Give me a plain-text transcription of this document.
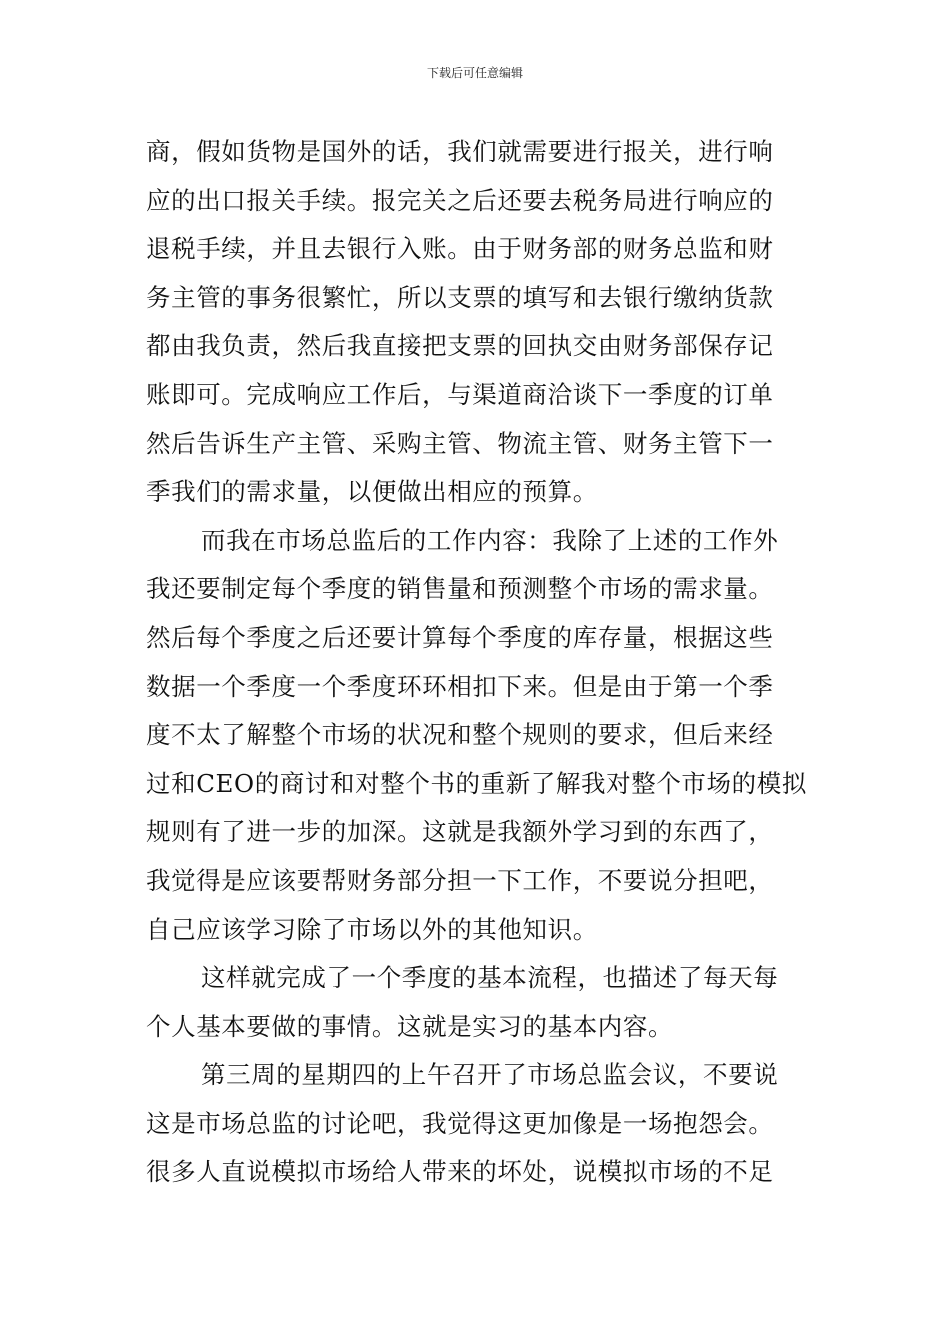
下载后可任意编辑
商，假如货物是国外的话，我们就需要进行报关，进行响
应的出口报关手续。报完关之后还要去税务局进行响应的
退税手续，并且去银行入账。由于财务部的财务总监和财
务主管的事务很繁忙，所以支票的填写和去银行缴纳货款
都由我负责，然后我直接把支票的回执交由财务部保存记
账即可。完成响应工作后，与渠道商洽谈下一季度的订单
然后告诉生产主管、采购主管、物流主管、财务主管下一
季我们的需求量，以便做出相应的预算。
而我在市场总监后的工作内容：我除了上述的工作外
我还要制定每个季度的销售量和预测整个市场的需求量。
然后每个季度之后还要计算每个季度的库存量，根据这些
数据一个季度一个季度环环相扣下来。但是由于第一个季
度不太了解整个市场的状况和整个规则的要求，但后来经
过和CEO的商讨和对整个书的重新了解我对整个市场的模拟
规则有了进一步的加深。这就是我额外学习到的东西了，
我觉得是应该要帮财务部分担一下工作，不要说分担吧，
自己应该学习除了市场以外的其他知识。
这样就完成了一个季度的基本流程，也描述了每天每
个人基本要做的事情。这就是实习的基本内容。
第三周的星期四的上午召开了市场总监会议，不要说
这是市场总监的讨论吧，我觉得这更加像是一场抱怨会。
很多人直说模拟市场给人带来的坏处，说模拟市场的不足
